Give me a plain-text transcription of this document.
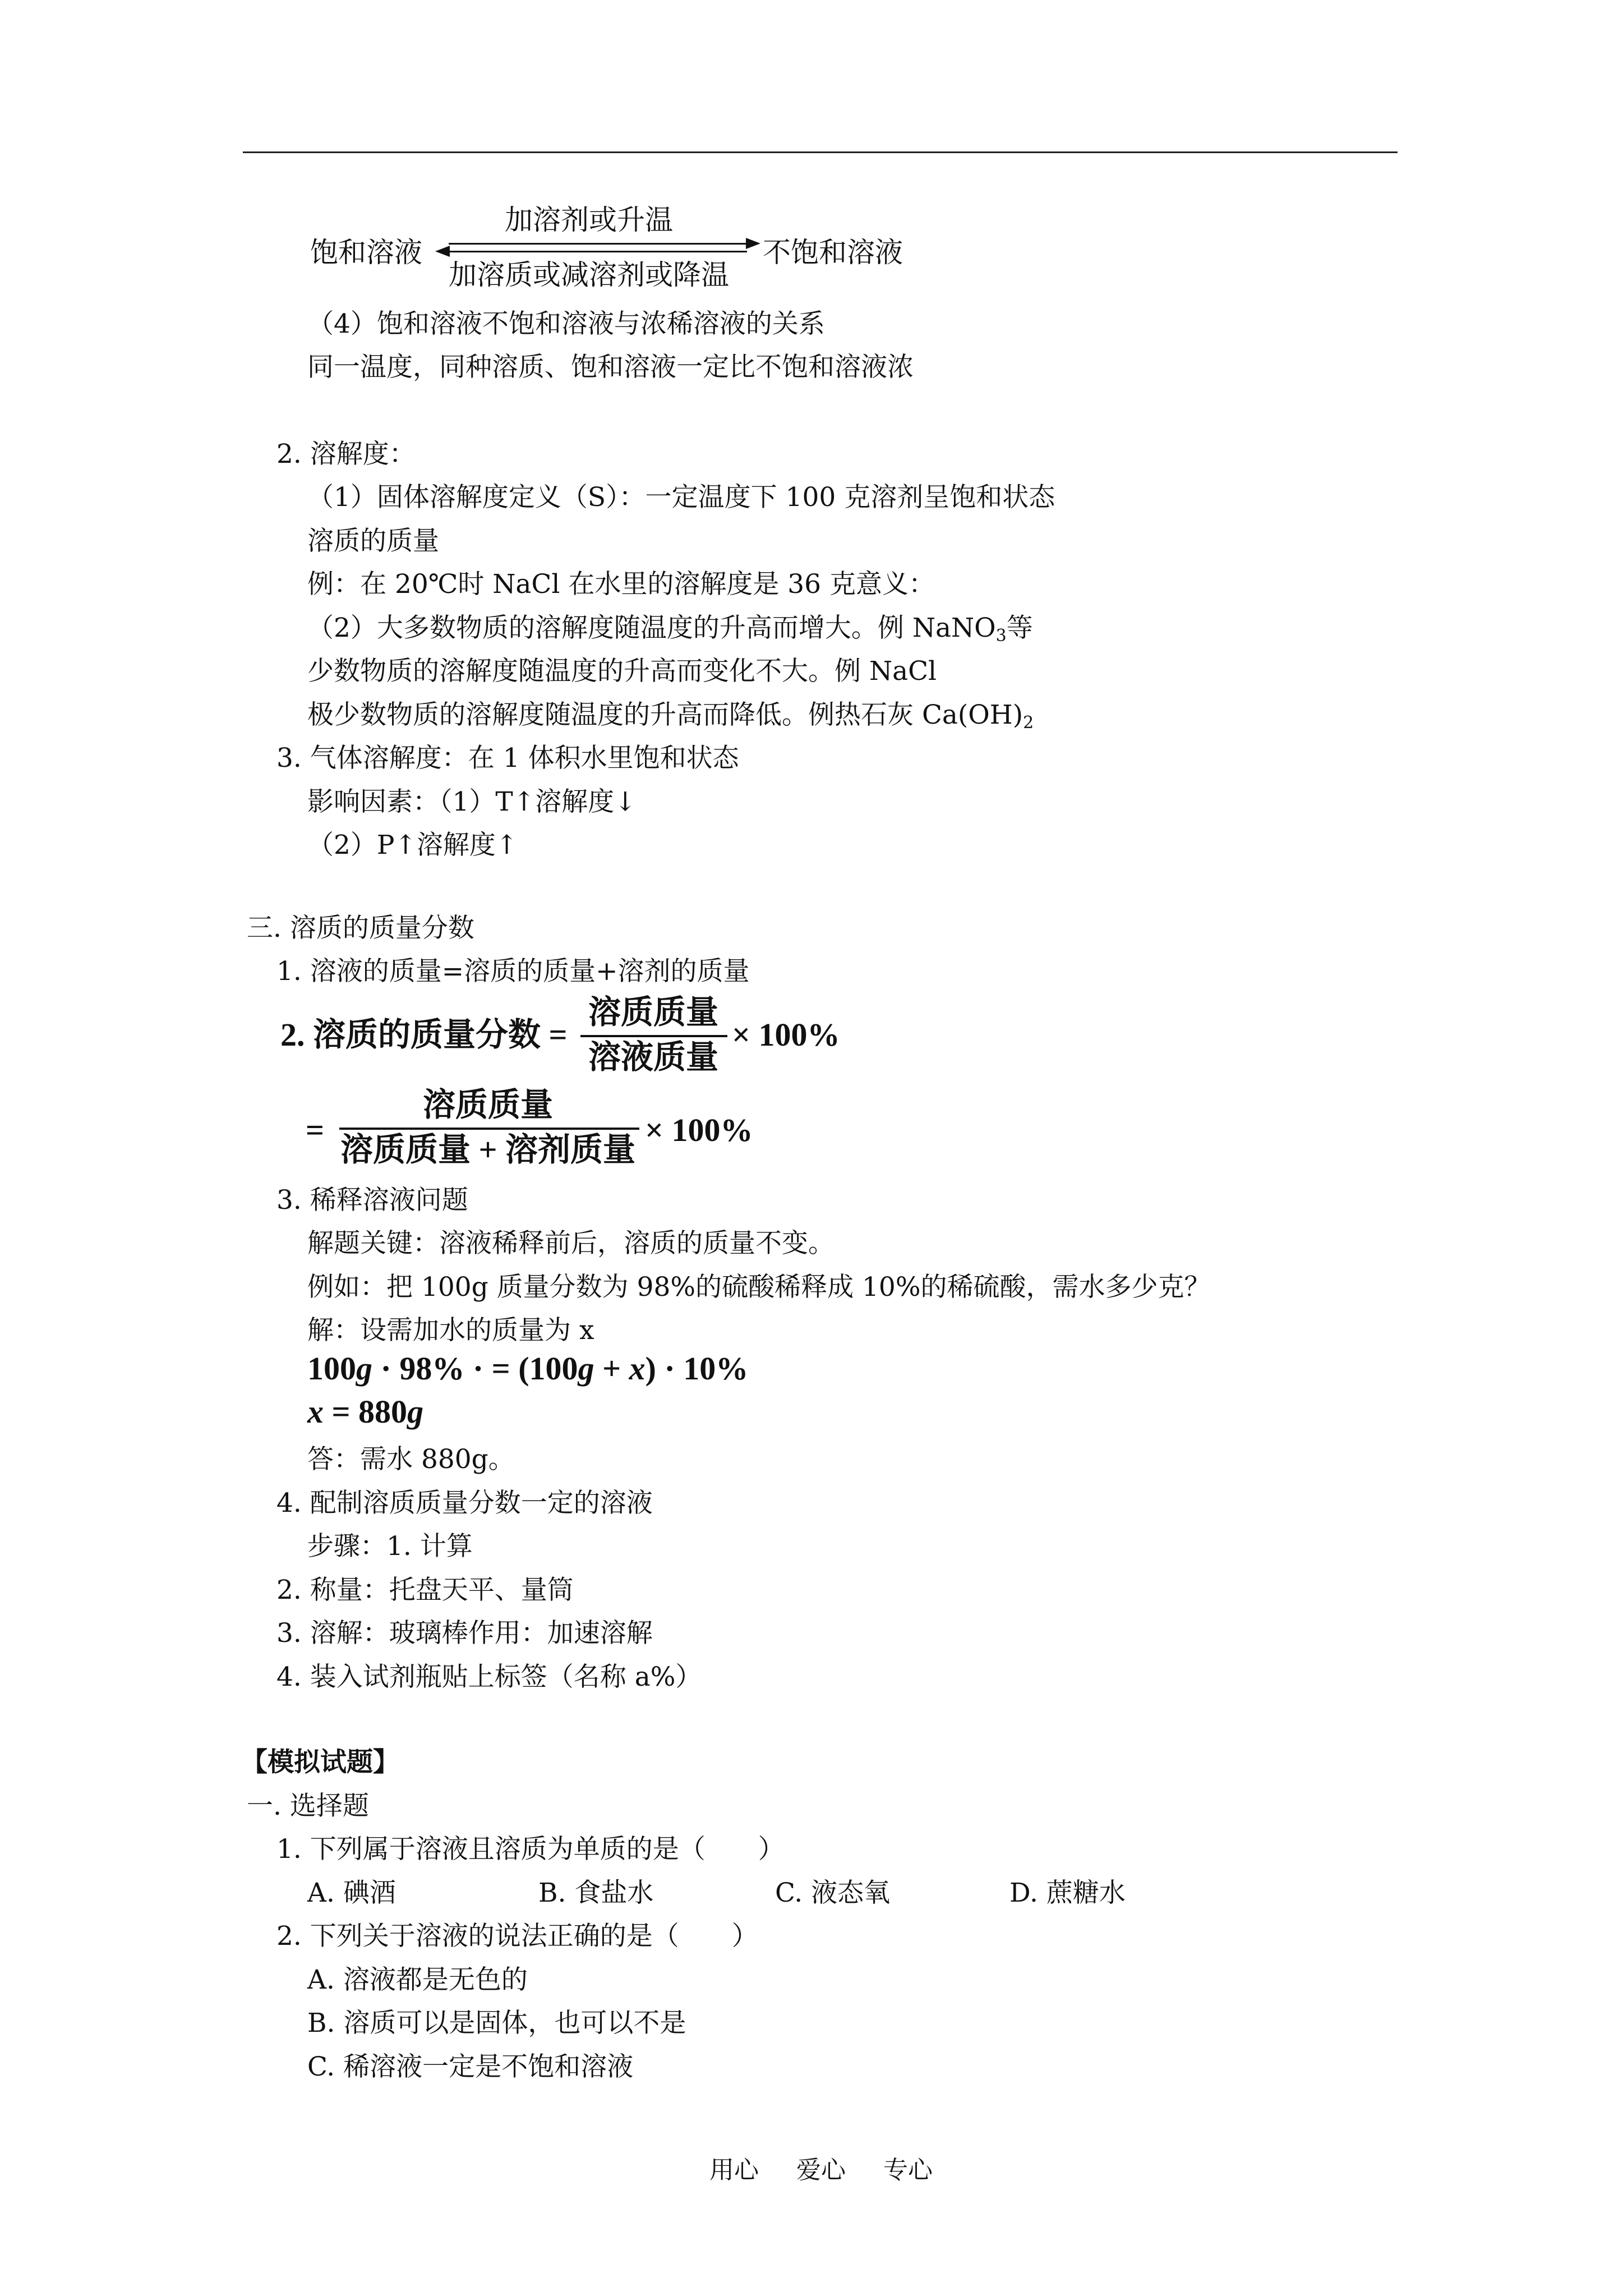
饱和溶液
加溶剂或升温
加溶质或减溶剂或降温
不饱和溶液
（4）饱和溶液不饱和溶液与浓稀溶液的关系
同一温度，同种溶质、饱和溶液一定比不饱和溶液浓
2. 溶解度：
（1）固体溶解度定义（S）：一定温度下 100 克溶剂呈饱和状态
溶质的质量
例：在 20℃时 NaCl 在水里的溶解度是 36 克意义：
（2）大多数物质的溶解度随温度的升高而增大。例 NaNO$_3$等
少数物质的溶解度随温度的升高而变化不大。例 NaCl
极少数物质的溶解度随温度的升高而降低。例热石灰 $Ca(OH)_2$
3. 气体溶解度：在 1 体积水里饱和状态
影响因素：（1）T↑溶解度↓
（2）P↑溶解度↑
三. 溶质的质量分数
1. 溶液的质量=溶质的质量+溶剂的质量
2. 溶质的质量分数 =
溶质质量
溶液质量
× 100%
=
溶质质量
溶质质量 + 溶剂质量
× 100%
3. 稀释溶液问题
解题关键：溶液稀释前后，溶质的质量不变。
例如：把 100g 质量分数为 98%的硫酸稀释成 10%的稀硫酸，需水多少克？
解：设需加水的质量为 x
100g · 98% · = (100g + x) · 10%
x = 880g
答：需水 880g。
4. 配制溶质质量分数一定的溶液
步骤：1. 计算
2. 称量：托盘天平、量筒
3. 溶解：玻璃棒作用：加速溶解
4. 装入试剂瓶贴上标签（名称 a%）
【模拟试题】
一. 选择题
1. 下列属于溶液且溶质为单质的是（　　）
A. 碘酒	B. 食盐水	C. 液态氧	D. 蔗糖水
2. 下列关于溶液的说法正确的是（　　）
A. 溶液都是无色的
B. 溶质可以是固体，也可以不是
C. 稀溶液一定是不饱和溶液
用心 爱心 专心
